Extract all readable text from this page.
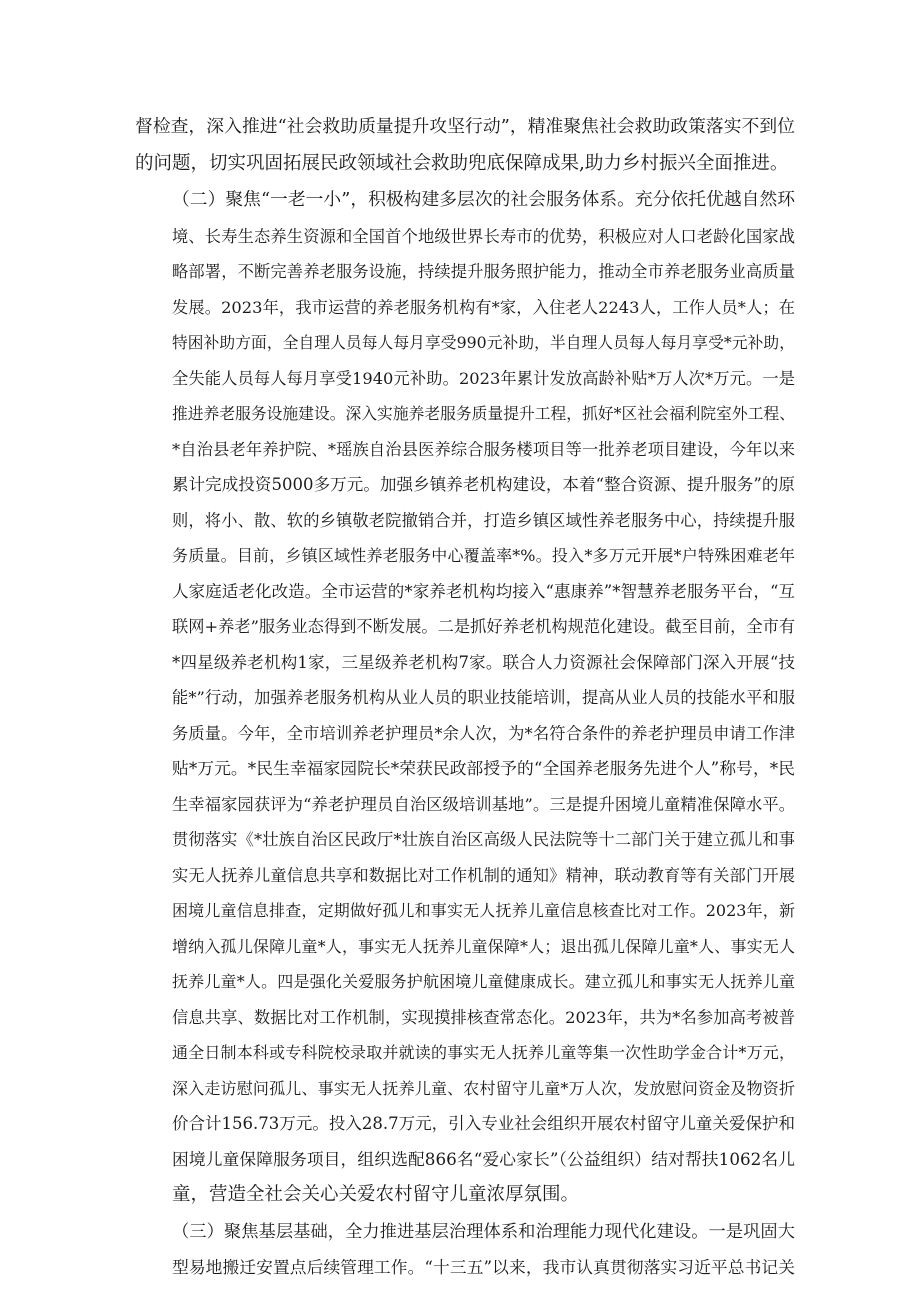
督检查，深入推进“社会救助质量提升攻坚行动”，精准聚焦社会救助政策落实不到位
的问题，切实巩固拓展民政领域社会救助兜底保障成果,助力乡村振兴全面推进。
（二）聚焦“一老一小”，积极构建多层次的社会服务体系。充分依托优越自然环
境、长寿生态养生资源和全国首个地级世界长寿市的优势，积极应对人口老龄化国家战
略部署，不断完善养老服务设施，持续提升服务照护能力，推动全市养老服务业高质量
发展。2023年，我市运营的养老服务机构有*家，入住老人2243人，工作人员*人；在
特困补助方面，全自理人员每人每月享受990元补助，半自理人员每人每月享受*元补助，
全失能人员每人每月享受1940元补助。2023年累计发放高龄补贴*万人次*万元。一是
推进养老服务设施建设。深入实施养老服务质量提升工程，抓好*区社会福利院室外工程、
*自治县老年养护院、*瑶族自治县医养综合服务楼项目等一批养老项目建设，今年以来
累计完成投资5000多万元。加强乡镇养老机构建设，本着“整合资源、提升服务”的原
则，将小、散、软的乡镇敬老院撤销合并，打造乡镇区域性养老服务中心，持续提升服
务质量。目前，乡镇区域性养老服务中心覆盖率*%。投入*多万元开展*户特殊困难老年
人家庭适老化改造。全市运营的*家养老机构均接入“惠康养”*智慧养老服务平台，“互
联网+养老”服务业态得到不断发展。二是抓好养老机构规范化建设。截至目前，全市有
*四星级养老机构1家，三星级养老机构7家。联合人力资源社会保障部门深入开展“技
能*”行动，加强养老服务机构从业人员的职业技能培训，提高从业人员的技能水平和服
务质量。今年，全市培训养老护理员*余人次，为*名符合条件的养老护理员申请工作津
贴*万元。*民生幸福家园院长*荣获民政部授予的“全国养老服务先进个人”称号，*民
生幸福家园获评为“养老护理员自治区级培训基地”。三是提升困境儿童精准保障水平。
贯彻落实《*壮族自治区民政厅*壮族自治区高级人民法院等十二部门关于建立孤儿和事
实无人抚养儿童信息共享和数据比对工作机制的通知》精神，联动教育等有关部门开展
困境儿童信息排查，定期做好孤儿和事实无人抚养儿童信息核查比对工作。2023年，新
增纳入孤儿保障儿童*人，事实无人抚养儿童保障*人；退出孤儿保障儿童*人、事实无人
抚养儿童*人。四是强化关爱服务护航困境儿童健康成长。建立孤儿和事实无人抚养儿童
信息共享、数据比对工作机制，实现摸排核查常态化。2023年，共为*名参加高考被普
通全日制本科或专科院校录取并就读的事实无人抚养儿童等集一次性助学金合计*万元，
深入走访慰问孤儿、事实无人抚养儿童、农村留守儿童*万人次，发放慰问资金及物资折
价合计156.73万元。投入28.7万元，引入专业社会组织开展农村留守儿童关爱保护和
困境儿童保障服务项目，组织选配866名“爱心家长”（公益组织）结对帮扶1062名儿
童，营造全社会关心关爱农村留守儿童浓厚氛围。
（三）聚焦基层基础，全力推进基层治理体系和治理能力现代化建设。一是巩固大
型易地搬迁安置点后续管理工作。“十三五”以来，我市认真贯彻落实习近平总书记关
